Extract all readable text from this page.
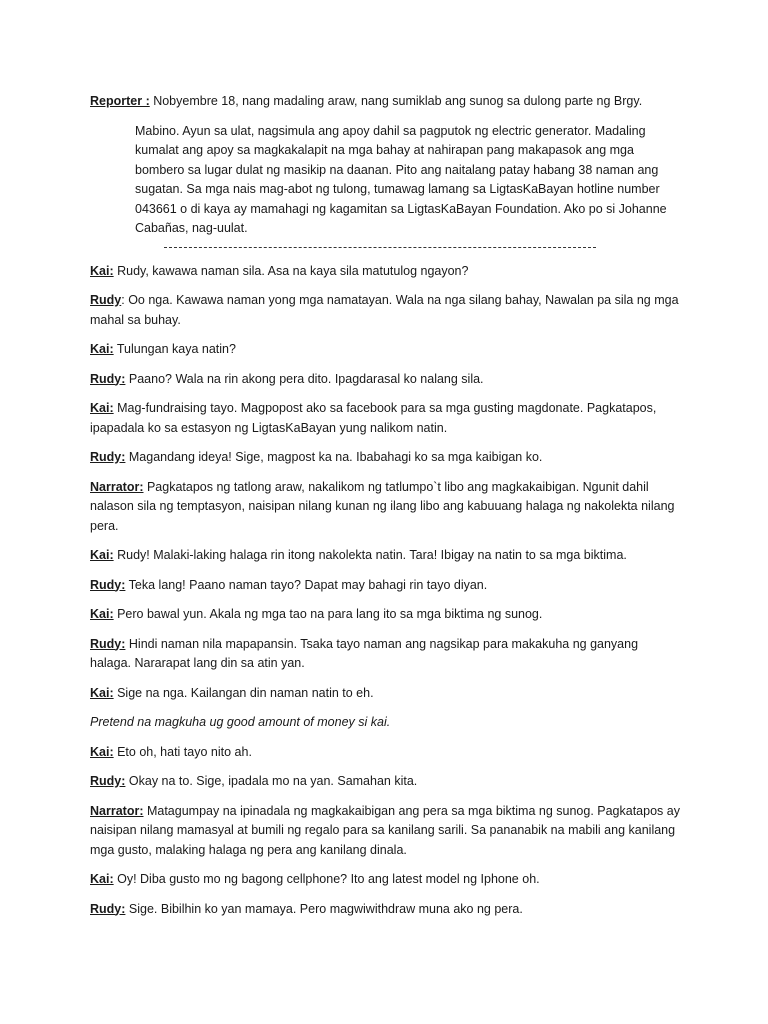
Reporter : Nobyembre 18, nang madaling araw, nang sumiklab ang sunog sa dulong parte ng Brgy.

Mabino. Ayun sa ulat, nagsimula ang apoy dahil sa pagputok ng electric generator. Madaling kumalat ang apoy sa magkakalapit na mga bahay at nahirapan pang makapasok ang mga bombero sa lugar dulat ng masikip na daanan. Pito ang naitalang patay habang 38 naman ang sugatan. Sa mga nais mag-abot ng tulong, tumawag lamang sa LigtasKaBayan hotline number 043661 o di kaya ay mamahagi ng kagamitan sa LigtasKaBayan Foundation. Ako po si Johanne Cabañas, nag-uulat.

Kai: Rudy, kawawa naman sila. Asa na kaya sila matutulog ngayon?

Rudy: Oo nga. Kawawa naman yong mga namatayan. Wala na nga silang bahay, Nawalan pa sila ng mga mahal sa buhay.

Kai: Tulungan kaya natin?

Rudy: Paano? Wala na rin akong pera dito. Ipagdarasal ko nalang sila.

Kai: Mag-fundraising tayo. Magpopost ako sa facebook para sa mga gusting magdonate. Pagkatapos, ipapadala ko sa estasyon ng LigtasKaBayan yung nalikom natin.

Rudy: Magandang ideya! Sige, magpost ka na. Ibabahagi ko sa mga kaibigan ko.

Narrator: Pagkatapos ng tatlong araw, nakalikom ng tatlumpo`t libo ang magkakaibigan. Ngunit dahil nalason sila ng temptasyon, naisipan nilang kunan ng ilang libo ang kabuuang halaga ng nakolekta nilang pera.

Kai: Rudy! Malaki-laking halaga rin itong nakolekta natin. Tara! Ibigay na natin to sa mga biktima.

Rudy: Teka lang! Paano naman tayo? Dapat may bahagi rin tayo diyan.

Kai: Pero bawal yun. Akala ng mga tao na para lang ito sa mga biktima ng sunog.

Rudy: Hindi naman nila mapapansin. Tsaka tayo naman ang nagsikap para makakuha ng ganyang halaga. Nararapat lang din sa atin yan.

Kai: Sige na nga. Kailangan din naman natin to eh.

Pretend na magkuha ug good amount of money si kai.

Kai: Eto oh, hati tayo nito ah.

Rudy: Okay na to. Sige, ipadala mo na yan. Samahan kita.

Narrator: Matagumpay na ipinadala ng magkakaibigan ang pera sa mga biktima ng sunog. Pagkatapos ay naisipan nilang mamasyal at bumili ng regalo para sa kanilang sarili. Sa pananabik na mabili ang kanilang mga gusto, malaking halaga ng pera ang kanilang dinala.

Kai: Oy! Diba gusto mo ng bagong cellphone? Ito ang latest model ng Iphone oh.

Rudy: Sige. Bibilhin ko yan mamaya. Pero magwiwithdraw muna ako ng pera.
